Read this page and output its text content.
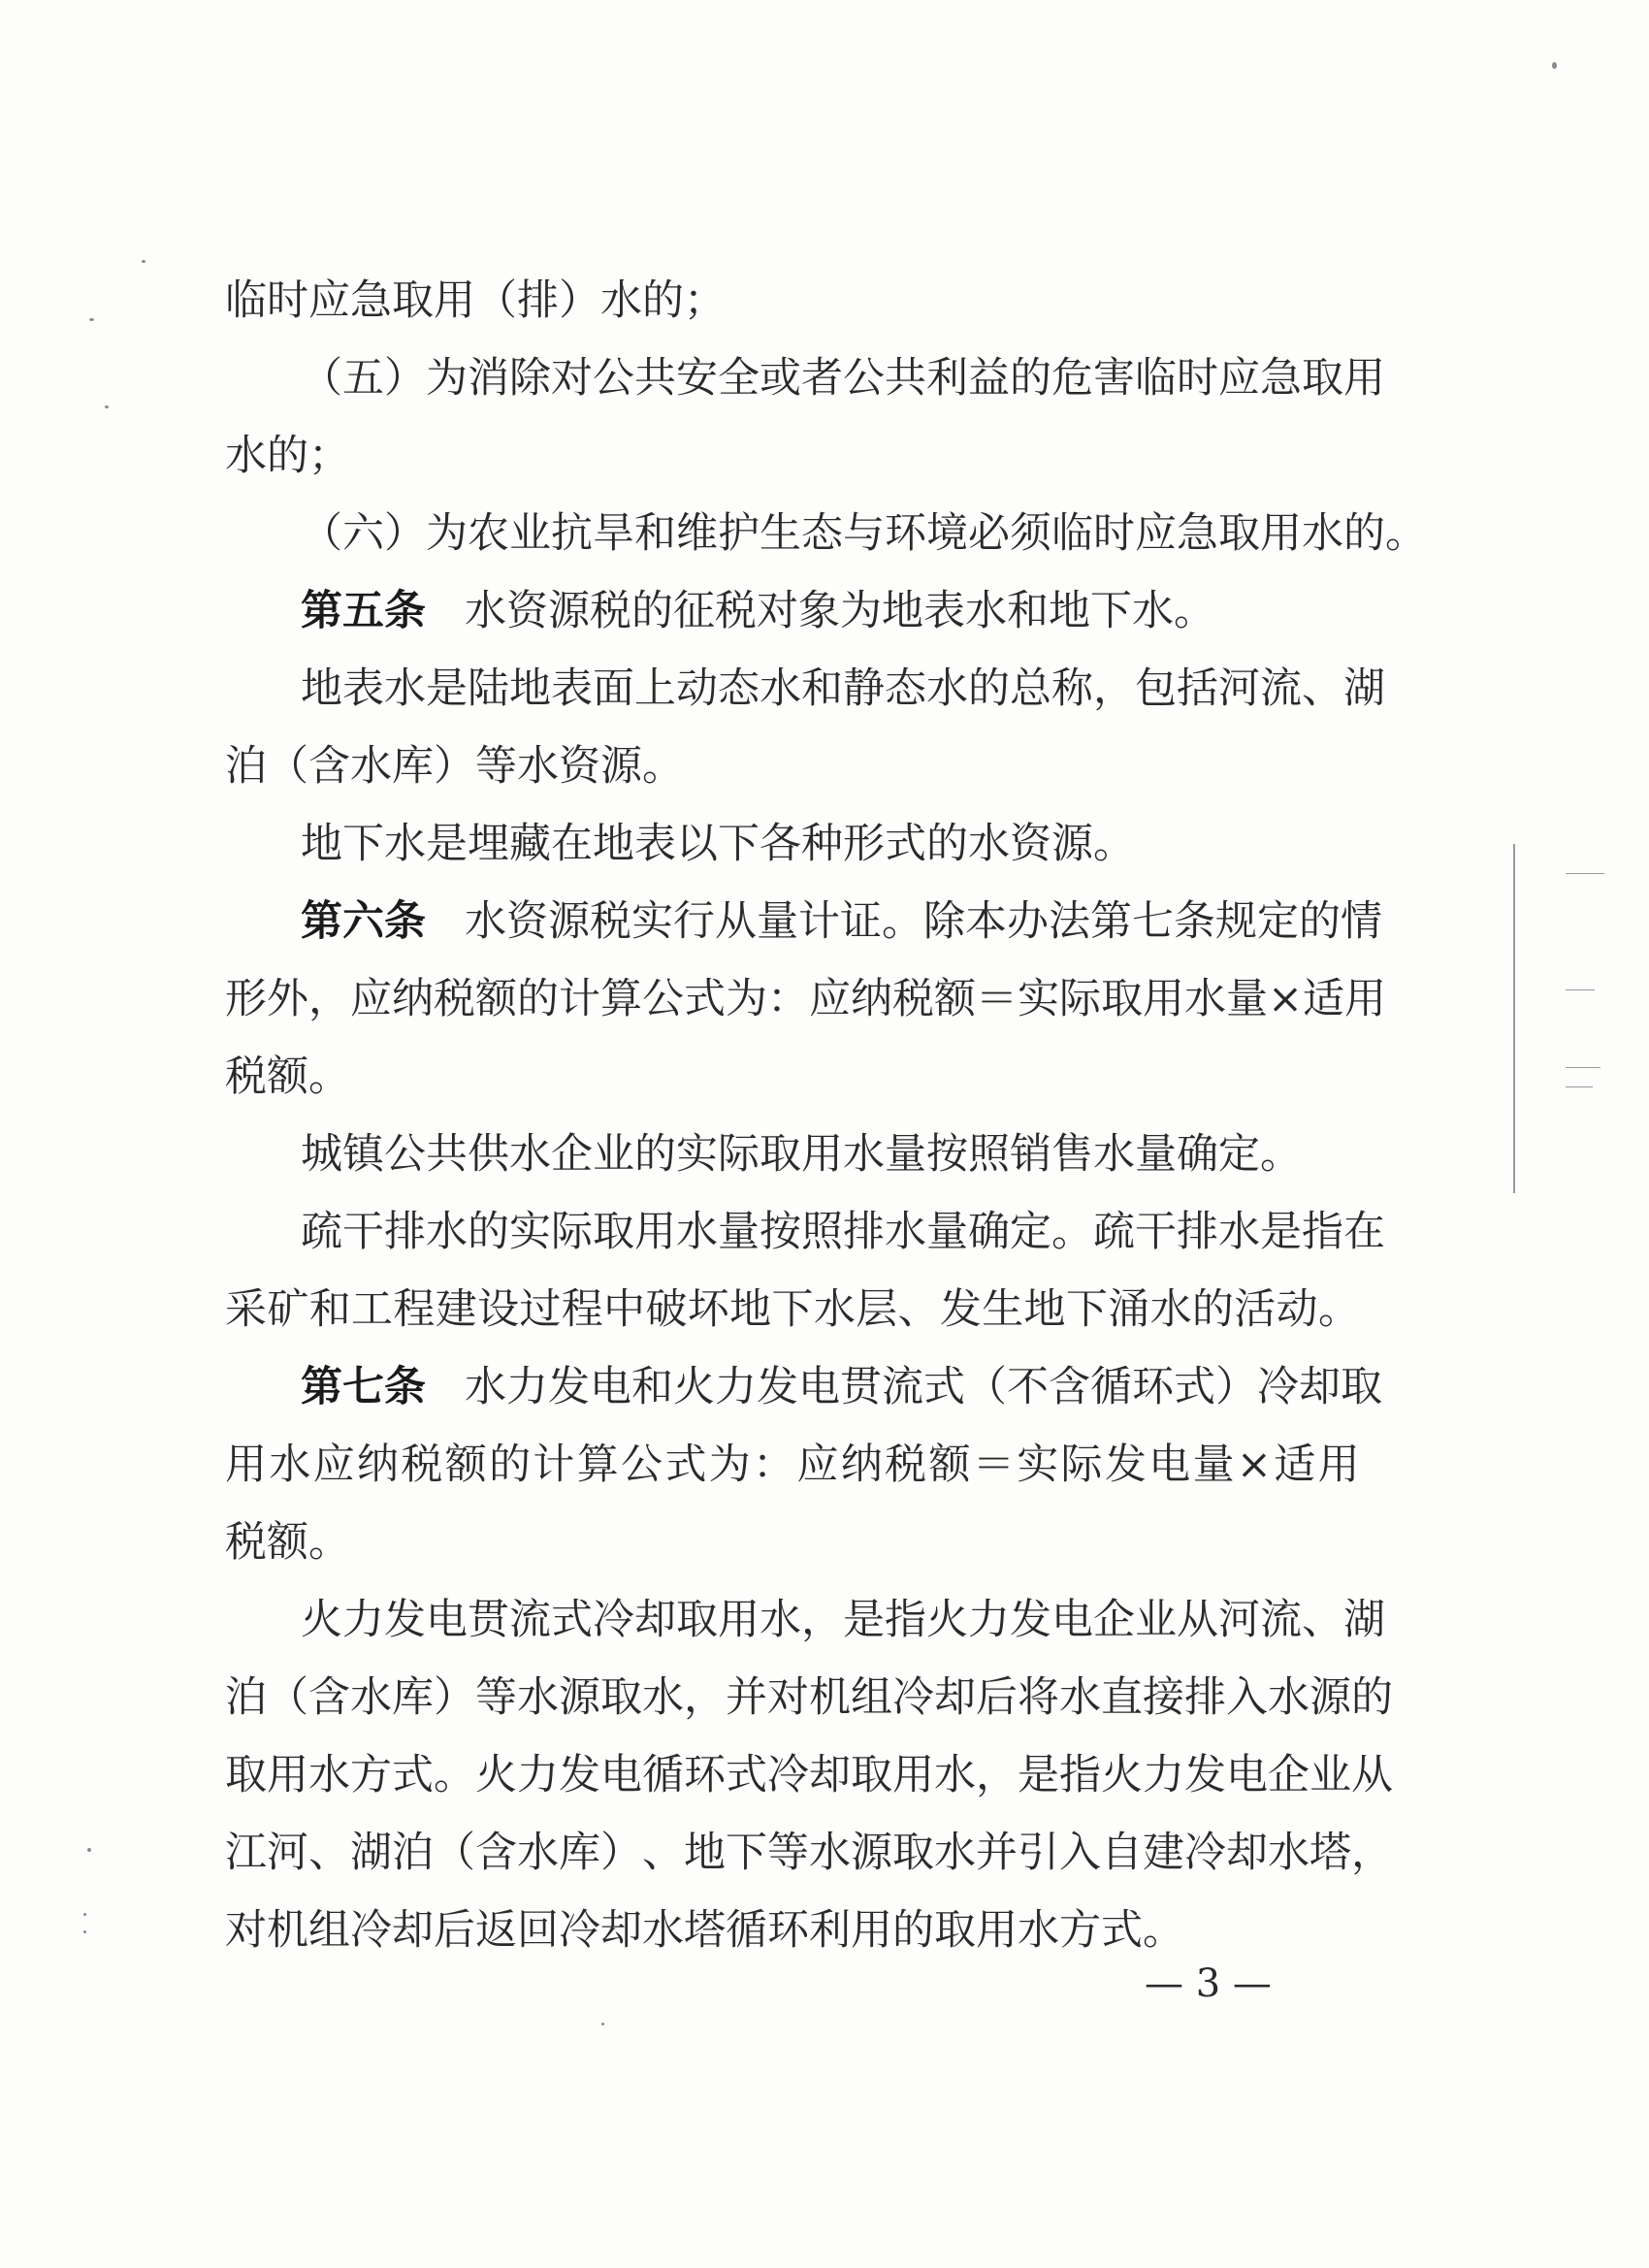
临时应急取用（排）水的；
（ 五 ） 为 消 除 对 公 共 安 全 或 者 公 共 利 益 的 危 害 临 时 应 急 取 用
水的；
（ 六 ） 为 农 业 抗 旱 和 维 护 生 态 与 环 境 必 须 临 时 应 急 取 用 水 的 。
第五条 水资源税的征税对象为地表水和地下水。
地 表 水 是 陆 地 表 面 上 动 态 水 和 静 态 水 的 总 称 ， 包 括 河 流 、 湖
泊（含水库）等水资源。
地下水是埋藏在地表以下各种形式的水资源。
第六条 水资源税实行从量计证。除本办法第七条规定的情
形 外 ， 应 纳 税 额 的 计 算 公 式 为 ： 应 纳 税 额 ＝ 实 际 取 用 水 量 × 适 用
税额。
城镇公共供水企业的实际取用水量按照销售水量确定。
疏 干 排 水 的 实 际 取 用 水 量 按 照 排 水 量 确 定 。 疏 干 排 水 是 指 在
采 矿 和 工 程 建 设 过 程 中 破 坏 地 下 水 层 、 发 生 地 下 涌 水 的 活 动 。
第七条 水力发电和火力发电贯流式（不含循环式）冷却取
用 水 应 纳 税 额 的 计 算 公 式 为 ： 应 纳 税 额 ＝ 实 际 发 电 量 × 适 用
税额。
火 力 发 电 贯 流 式 冷 却 取 用 水 ， 是 指 火 力 发 电 企 业 从 河 流 、 湖
泊 （ 含 水 库 ） 等 水 源 取 水 ， 并 对 机 组 冷 却 后 将 水 直 接 排 入 水 源 的
取 用 水 方 式 。 火 力 发 电 循 环 式 冷 却 取 用 水 ， 是 指 火 力 发 电 企 业 从
江 河 、 湖 泊 （ 含 水 库 ） 、 地 下 等 水 源 取 水 并 引 入 自 建 冷 却 水 塔 ，
对机组冷却后返回冷却水塔循环利用的取用水方式。
— 3 —
